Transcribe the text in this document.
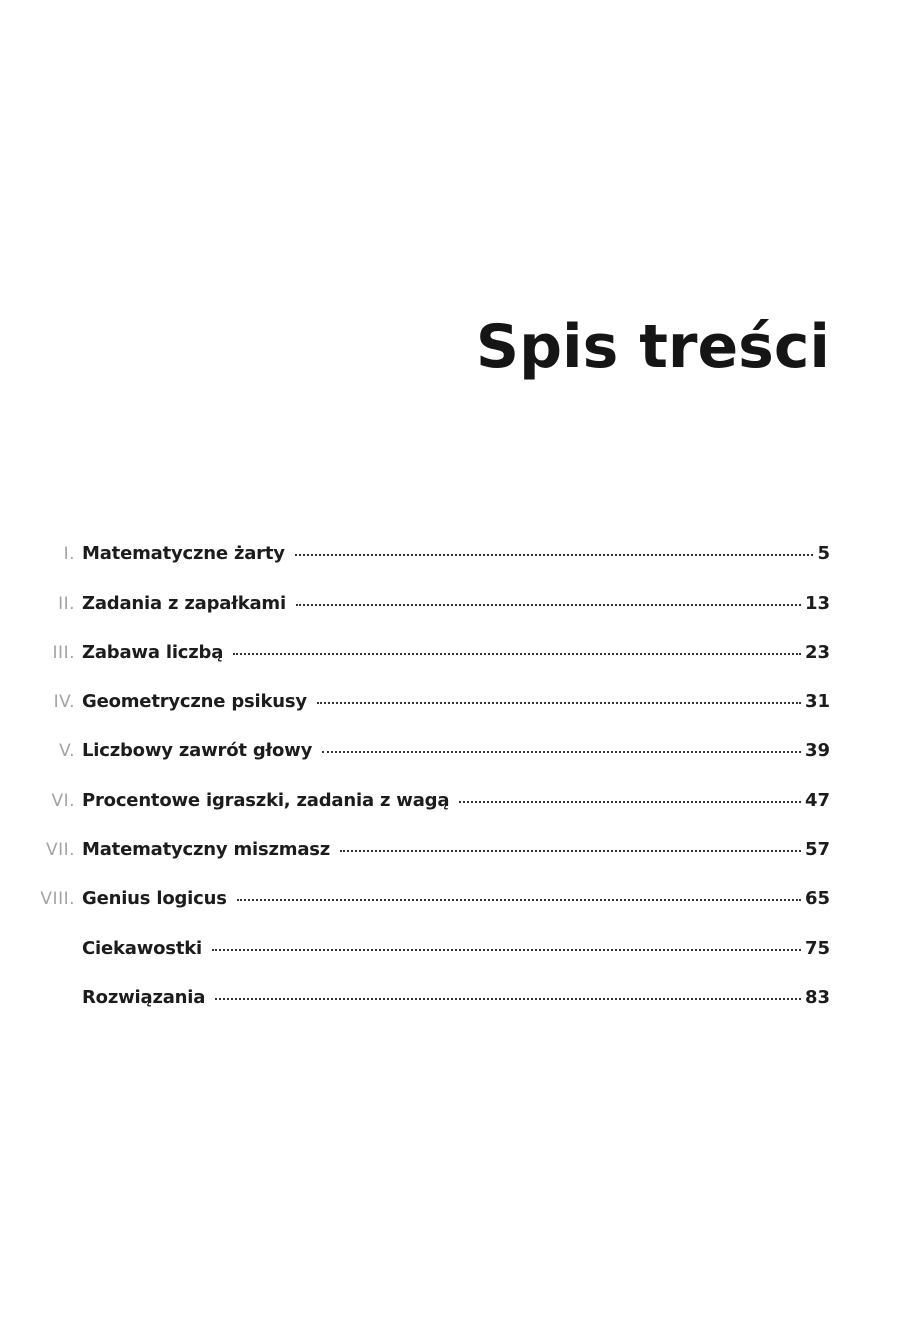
Spis treści
I. Matematyczne żarty	5
II. Zadania z zapałkami	13
III. Zabawa liczbą	23
IV. Geometryczne psikusy	31
V. Liczbowy zawrót głowy	39
VI. Procentowe igraszki, zadania z wagą	47
VII. Matematyczny miszmasz	57
VIII. Genius logicus	65
Ciekawostki	75
Rozwiązania	83
